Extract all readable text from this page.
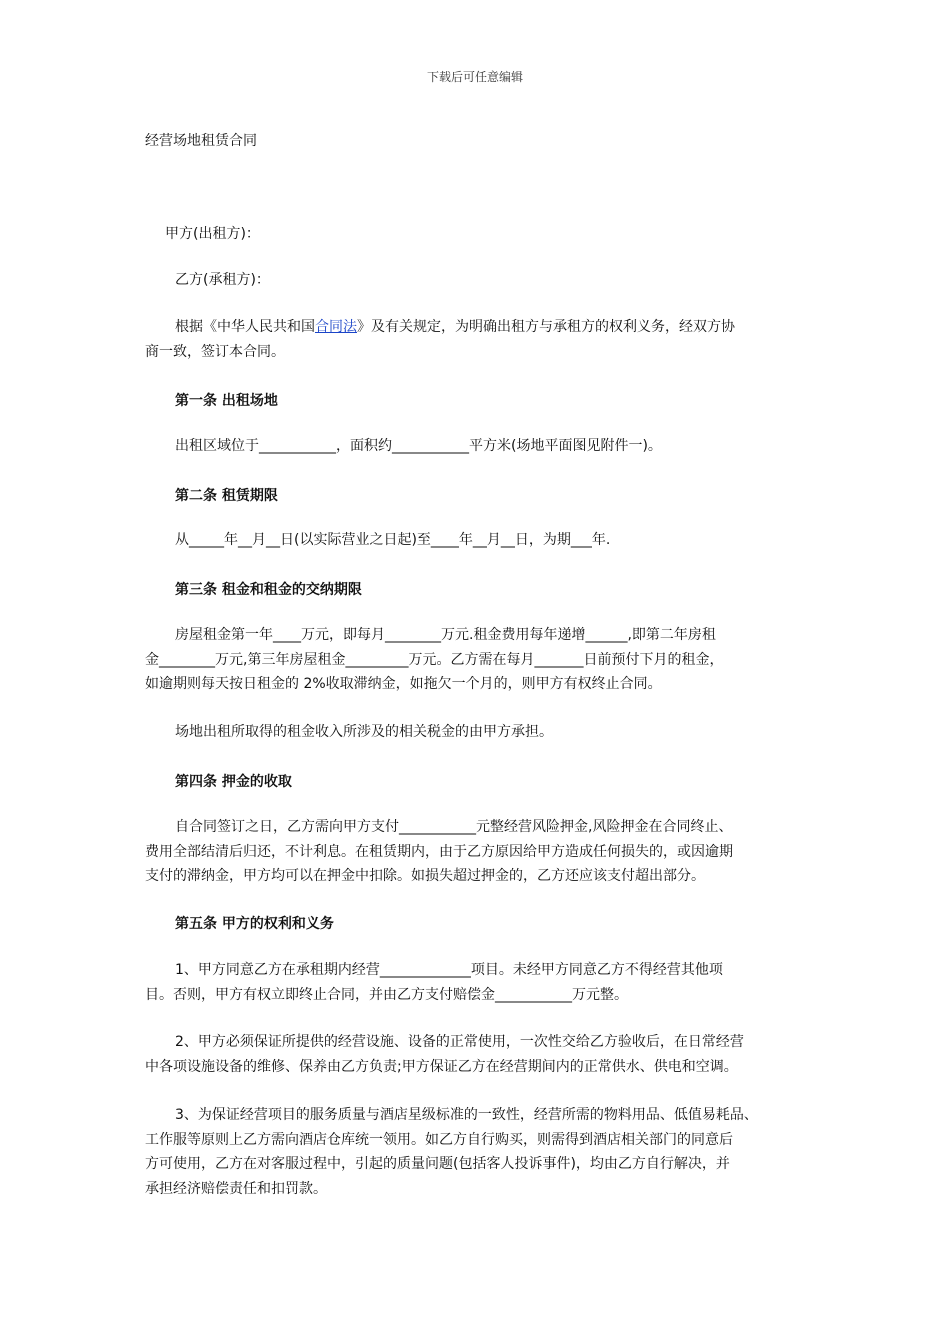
下载后可任意编辑
经营场地租赁合同
甲方(出租方)：
乙方(承租方)：
根据《中华人民共和国合同法》及有关规定，为明确出租方与承租方的权利义务，经双方协
商一致，签订本合同。
第一条 出租场地
出租区域位于___________，面积约___________平方米(场地平面图见附件一)。
第二条 租赁期限
从_____年__月__日(以实际营业之日起)至____年__月__日，为期___年.
第三条 租金和租金的交纳期限
房屋租金第一年____万元，即每月________万元.租金费用每年递增______,即第二年房租
金________万元,第三年房屋租金_________万元。乙方需在每月_______日前预付下月的租金，
如逾期则每天按日租金的 2%收取滞纳金，如拖欠一个月的，则甲方有权终止合同。
场地出租所取得的租金收入所涉及的相关税金的由甲方承担。
第四条 押金的收取
自合同签订之日，乙方需向甲方支付___________元整经营风险押金,风险押金在合同终止、
费用全部结清后归还，不计利息。在租赁期内，由于乙方原因给甲方造成任何损失的，或因逾期
支付的滞纳金，甲方均可以在押金中扣除。如损失超过押金的，乙方还应该支付超出部分。
第五条 甲方的权利和义务
1、甲方同意乙方在承租期内经营_____________项目。未经甲方同意乙方不得经营其他项
目。否则，甲方有权立即终止合同，并由乙方支付赔偿金___________万元整。
2、甲方必须保证所提供的经营设施、设备的正常使用，一次性交给乙方验收后，在日常经营
中各项设施设备的维修、保养由乙方负责;甲方保证乙方在经营期间内的正常供水、供电和空调。
3、为保证经营项目的服务质量与酒店星级标准的一致性，经营所需的物料用品、低值易耗品、
工作服等原则上乙方需向酒店仓库统一领用。如乙方自行购买，则需得到酒店相关部门的同意后
方可使用，乙方在对客服过程中，引起的质量问题(包括客人投诉事件)，均由乙方自行解决，并
承担经济赔偿责任和扣罚款。
